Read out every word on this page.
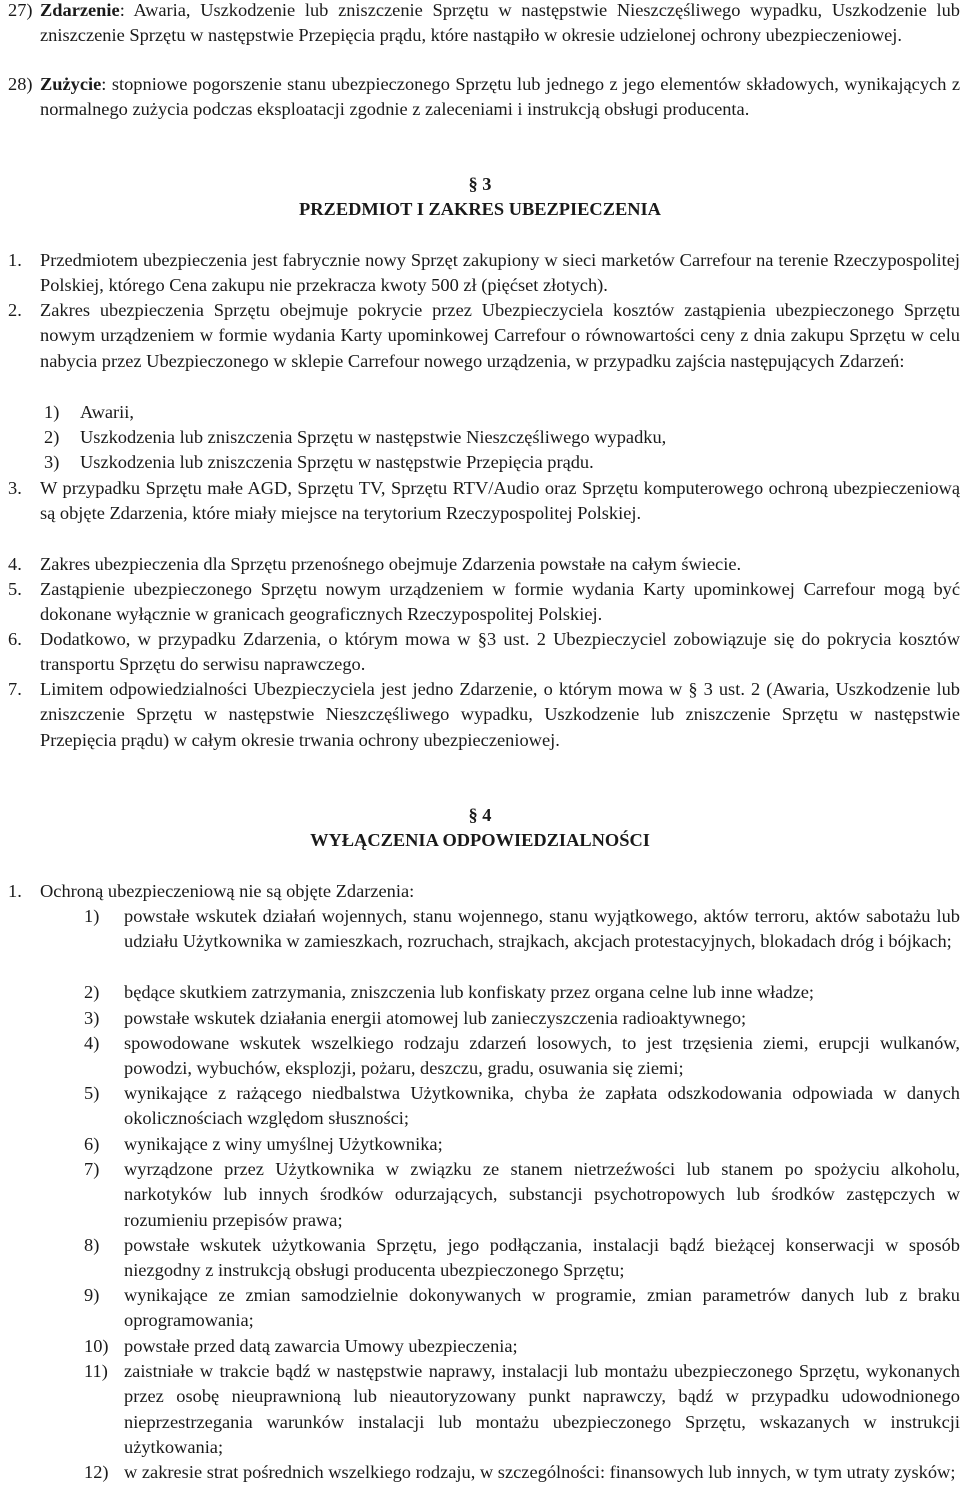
27) Zdarzenie: Awaria, Uszkodzenie lub zniszczenie Sprzętu w następstwie Nieszczęśliwego wypadku, Uszkodzenie lub zniszczenie Sprzętu w następstwie Przepięcia prądu, które nastąpiło w okresie udzielonej ochrony ubezpieczeniowej.

28) Zużycie: stopniowe pogorszenie stanu ubezpieczonego Sprzętu lub jednego z jego elementów składowych, wynikających z normalnego zużycia podczas eksploatacji zgodnie z zaleceniami i instrukcją obsługi producenta.

§ 3
PRZEDMIOT I ZAKRES UBEZPIECZENIA
1. Przedmiotem ubezpieczenia jest fabrycznie nowy Sprzęt zakupiony w sieci marketów Carrefour na terenie Rzeczypospolitej Polskiej, którego Cena zakupu nie przekracza kwoty 500 zł (pięćset złotych).

2. Zakres ubezpieczenia Sprzętu obejmuje pokrycie przez Ubezpieczyciela kosztów zastąpienia ubezpieczonego Sprzętu nowym urządzeniem w formie wydania Karty upominkowej Carrefour o równowartości ceny z dnia zakupu Sprzętu w celu nabycia przez Ubezpieczonego w sklepie Carrefour nowego urządzenia, w przypadku zajścia następujących Zdarzeń:

1)	Awarii,

2)	Uszkodzenia lub zniszczenia Sprzętu w następstwie Nieszczęśliwego wypadku,

3)	Uszkodzenia lub zniszczenia Sprzętu w następstwie Przepięcia prądu.

3. W przypadku Sprzętu małe AGD, Sprzętu TV, Sprzętu RTV/Audio oraz Sprzętu komputerowego ochroną ubezpieczeniową są objęte Zdarzenia, które miały miejsce na terytorium Rzeczypospolitej Polskiej.

4. Zakres ubezpieczenia dla Sprzętu przenośnego obejmuje Zdarzenia powstałe na całym świecie.

5. Zastąpienie ubezpieczonego Sprzętu nowym urządzeniem w formie wydania Karty upominkowej Carrefour mogą być dokonane wyłącznie w granicach geograficznych Rzeczypospolitej Polskiej.

6. Dodatkowo, w przypadku Zdarzenia, o którym mowa w §3 ust. 2 Ubezpieczyciel zobowiązuje się do pokrycia kosztów transportu Sprzętu do serwisu naprawczego.

7. Limitem odpowiedzialności Ubezpieczyciela jest jedno Zdarzenie, o którym mowa w § 3 ust. 2 (Awaria, Uszkodzenie lub zniszczenie Sprzętu w następstwie Nieszczęśliwego wypadku, Uszkodzenie lub zniszczenie Sprzętu w następstwie Przepięcia prądu) w całym okresie trwania ochrony ubezpieczeniowej.

§ 4
WYŁĄCZENIA ODPOWIEDZIALNOŚCI
1. Ochroną ubezpieczeniową nie są objęte Zdarzenia:

1)	powstałe wskutek działań wojennych, stanu wojennego, stanu wyjątkowego, aktów terroru, aktów sabotażu lub udziału Użytkownika w zamieszkach, rozruchach, strajkach, akcjach protestacyjnych, blokadach dróg i bójkach;

2)	będące skutkiem zatrzymania, zniszczenia lub konfiskaty przez organa celne lub inne władze;

3)	powstałe wskutek działania energii atomowej lub zanieczyszczenia radioaktywnego;

4)	spowodowane wskutek wszelkiego rodzaju zdarzeń losowych, to jest trzęsienia ziemi, erupcji wulkanów, powodzi, wybuchów, eksplozji, pożaru, deszczu, gradu, osuwania się ziemi;

5)	wynikające z rażącego niedbalstwa Użytkownika, chyba że zapłata odszkodowania odpowiada w danych okolicznościach względom słuszności;

6)	wynikające z winy umyślnej Użytkownika;

7)	wyrządzone przez Użytkownika w związku ze stanem nietrzeźwości lub stanem po spożyciu alkoholu, narkotyków lub innych środków odurzających, substancji psychotropowych lub środków zastępczych w rozumieniu przepisów prawa;

8)	powstałe wskutek użytkowania Sprzętu, jego podłączania, instalacji bądź bieżącej konserwacji w sposób niezgodny z instrukcją obsługi producenta ubezpieczonego Sprzętu;

9)	wynikające ze zmian samodzielnie dokonywanych w programie, zmian parametrów danych lub z braku oprogramowania;

10) powstałe przed datą zawarcia Umowy ubezpieczenia;

11) zaistniałe w trakcie bądź w następstwie naprawy, instalacji lub montażu ubezpieczonego Sprzętu, wykonanych przez osobę nieuprawnioną lub nieautoryzowany punkt naprawczy, bądź w przypadku udowodnionego nieprzestrzegania warunków instalacji lub montażu ubezpieczonego Sprzętu, wskazanych w instrukcji użytkowania;

12) w zakresie strat pośrednich wszelkiego rodzaju, w szczególności: finansowych lub innych, w tym utraty zysków;
